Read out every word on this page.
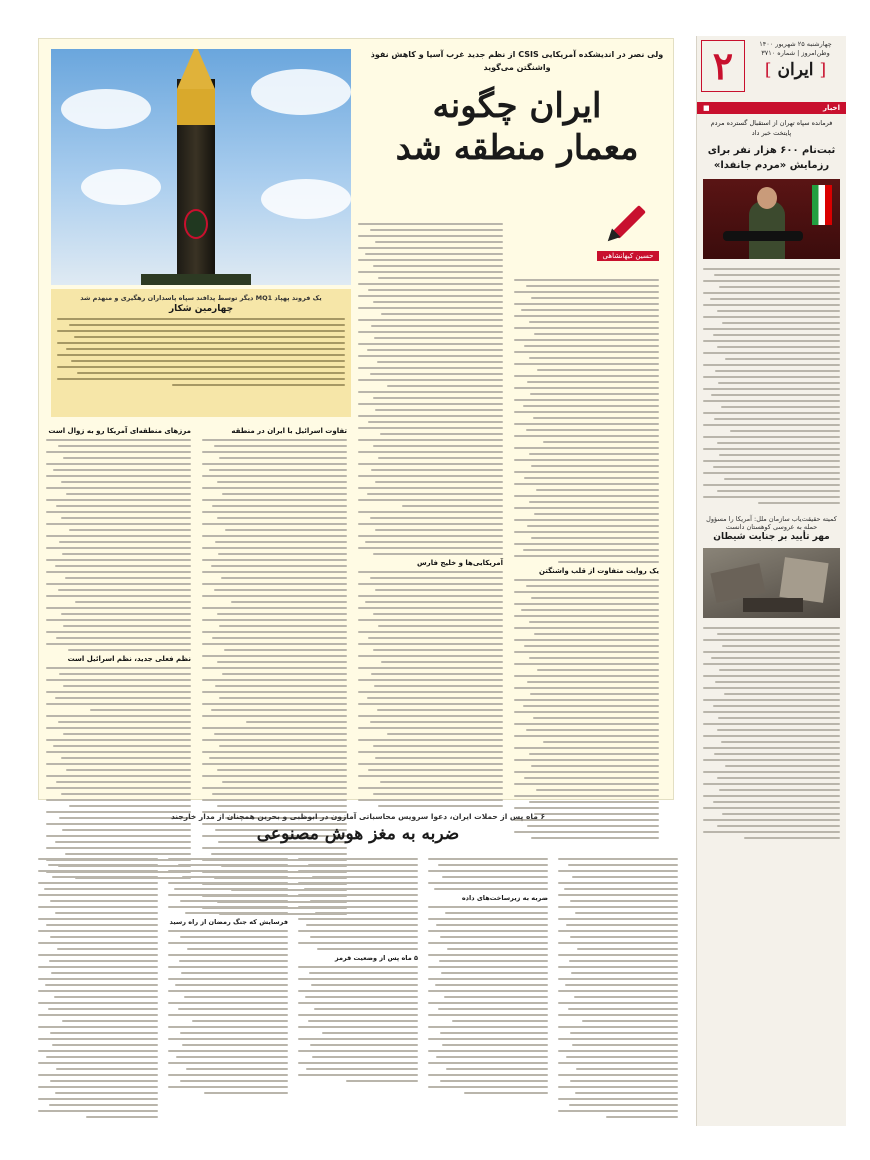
چهارشنبه ۲۵ شهریور ۱۴۰۰
وطن‌امروز | شماره ۳۷۱۰
[ ایران ]
۲
اخبار
■
فرمانده سپاه تهران از استقبال گسترده مردم پایتخت خبر داد
ثبت‌نام ۶۰۰ هزار نفر برای رزمایش «مردم جانفدا»
کمیته حقیقت‌یاب سازمان ملل: آمریکا را مسؤول حمله به عروسی کوهستان دانست
مهر تأیید بر جنایت شیطان
یک فروند پهپاد MQ1 دیگر توسط پدافند سپاه پاسداران رهگیری و منهدم شد
چهارمین شکار
ولی نصر در اندیشکده آمریکایی CSIS از نظم جدید غرب آسیا و کاهش نفوذ واشنگتن می‌گوید
ایران چگونه
معمار منطقه شد
حسین کیهانشاهی
یک روایت متفاوت از قلب واشنگتن
آمریکایی‌ها و خلیج فارس
تفاوت اسرائیل با ایران در منطقه
مرزهای منطقه‌ای آمریکا رو به زوال است
نظم فعلی جدید، نظم اسرائیل است
۶ ماه پس از حملات ایران، دعوا سرویس محاسباتی آمازون در ابوظبی و بحرین همچنان از مدار خارجند
ضربه به مغز هوش مصنوعی
ضربه به زیرساخت‌های داده
۵ ماه پس از وضعیت قرمز
فرسایش که جنگ رمضان از راه رسید
